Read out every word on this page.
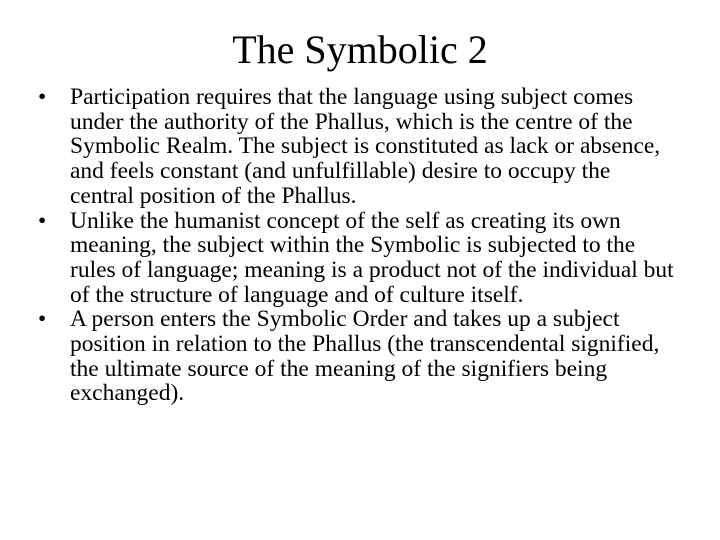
The Symbolic 2
•	Participation requires that the language using subject comes under the authority of the Phallus, which is the centre of the Symbolic Realm. The subject is constituted as lack or absence, and feels constant (and unfulfillable) desire to occupy the central position of the Phallus.
•	Unlike the humanist concept of the self as creating its own meaning, the subject within the Symbolic is subjected to the rules of language; meaning is a product not of the individual but of the structure of language and of culture itself.
•	A person enters the Symbolic Order and takes up a subject position in relation to the Phallus (the transcendental signified, the ultimate source of the meaning of the signifiers being exchanged).
